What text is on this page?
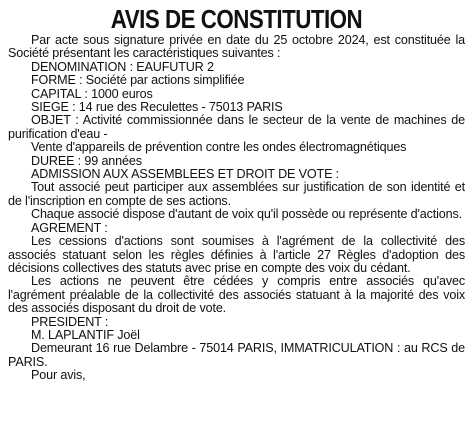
AVIS DE CONSTITUTION

Par acte sous signature privée en date du 25 octobre 2024, est constituée la Société présentant les caractéristiques suivantes :

DENOMINATION : EAUFUTUR 2

FORME : Société par actions simplifiée

CAPITAL : 1000 euros

SIEGE : 14 rue des Reculettes - 75013 PARIS

OBJET : Activité commissionnée dans le secteur de la vente de machines de purification d'eau -

Vente d'appareils de prévention contre les ondes électromagnétiques

DUREE : 99 années

ADMISSION AUX ASSEMBLEES ET DROIT DE VOTE :

Tout associé peut participer aux assemblées sur justification de son identité et de l'inscription en compte de ses actions.

Chaque associé dispose d'autant de voix qu'il possède ou représente d'actions.

AGREMENT :

Les cessions d'actions sont soumises à l'agrément de la collectivité des associés statuant selon les règles définies à l'article 27 Règles d'adoption des décisions collectives des statuts avec prise en compte des voix du cédant.

Les actions ne peuvent être cédées y compris entre associés qu'avec l'agrément préalable de la collectivité des associés statuant à la majorité des voix des associés disposant du droit de vote.

PRESIDENT :

M. LAPLANTIF Joël

Demeurant 16 rue Delambre - 75014 PARIS, IMMATRICULATION : au RCS de PARIS.

Pour avis,
